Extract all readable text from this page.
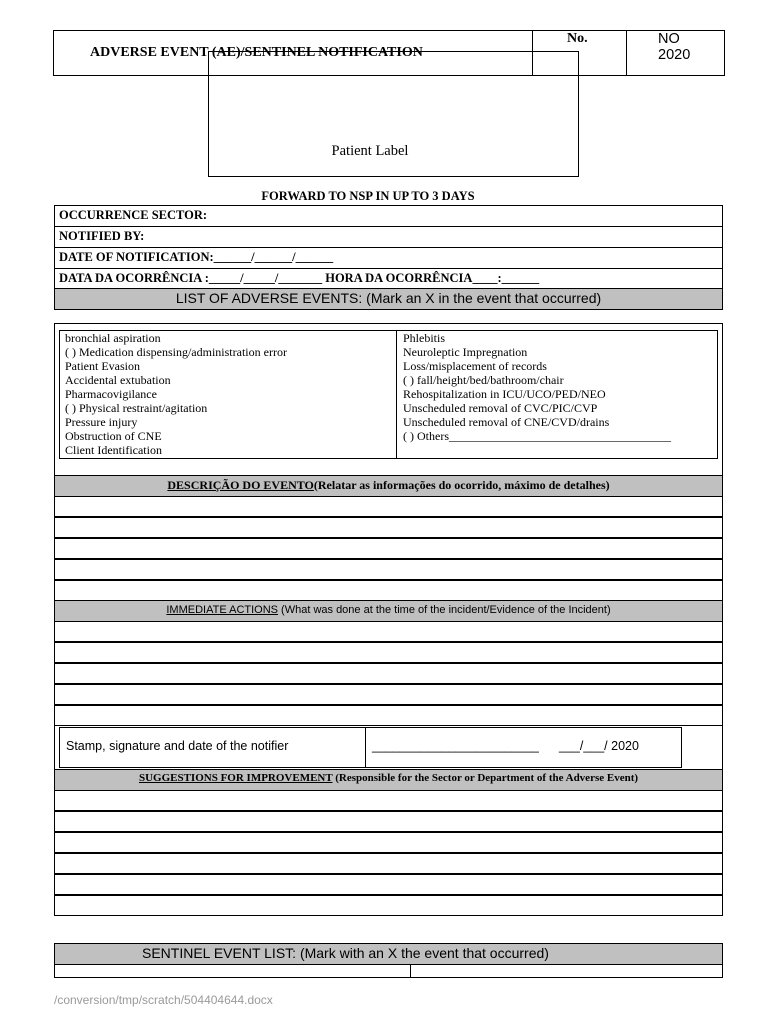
ADVERSE EVENT (AE)/SENTINEL NOTIFICATION
No.	NO
2020
Patient Label
FORWARD TO NSP IN UP TO 3 DAYS
OCCURRENCE SECTOR:
NOTIFIED BY:
DATE OF NOTIFICATION:______/______/______
DATA DA OCORRÊNCIA :_____/_____/_______ HORA DA OCORRÊNCIA____:______
LIST OF ADVERSE EVENTS: (Mark an X in the event that occurred)
bronchial aspiration
( ) Medication dispensing/administration error
Patient Evasion
Accidental extubation
Pharmacovigilance
( ) Physical restraint/agitation
Pressure injury
Obstruction of CNE
Client Identification
Phlebitis
Neuroleptic Impregnation
Loss/misplacement of records
( ) fall/height/bed/bathroom/chair
Rehospitalization in ICU/UCO/PED/NEO
Unscheduled removal of CVC/PIC/CVP
Unscheduled removal of CNE/CVD/drains
( ) Others_____________________________________
DESCRIÇÃO DO EVENTO(Relatar as informações do ocorrido, máximo de detalhes)
IMMEDIATE ACTIONS (What was done at the time of the incident/Evidence of the Incident)
Stamp, signature and date of the notifier	________________________ ___/___/ 2020
SUGGESTIONS FOR IMPROVEMENT (Responsible for the Sector or Department of the Adverse Event)
SENTINEL EVENT LIST: (Mark with an X the event that occurred)
/conversion/tmp/scratch/504404644.docx
